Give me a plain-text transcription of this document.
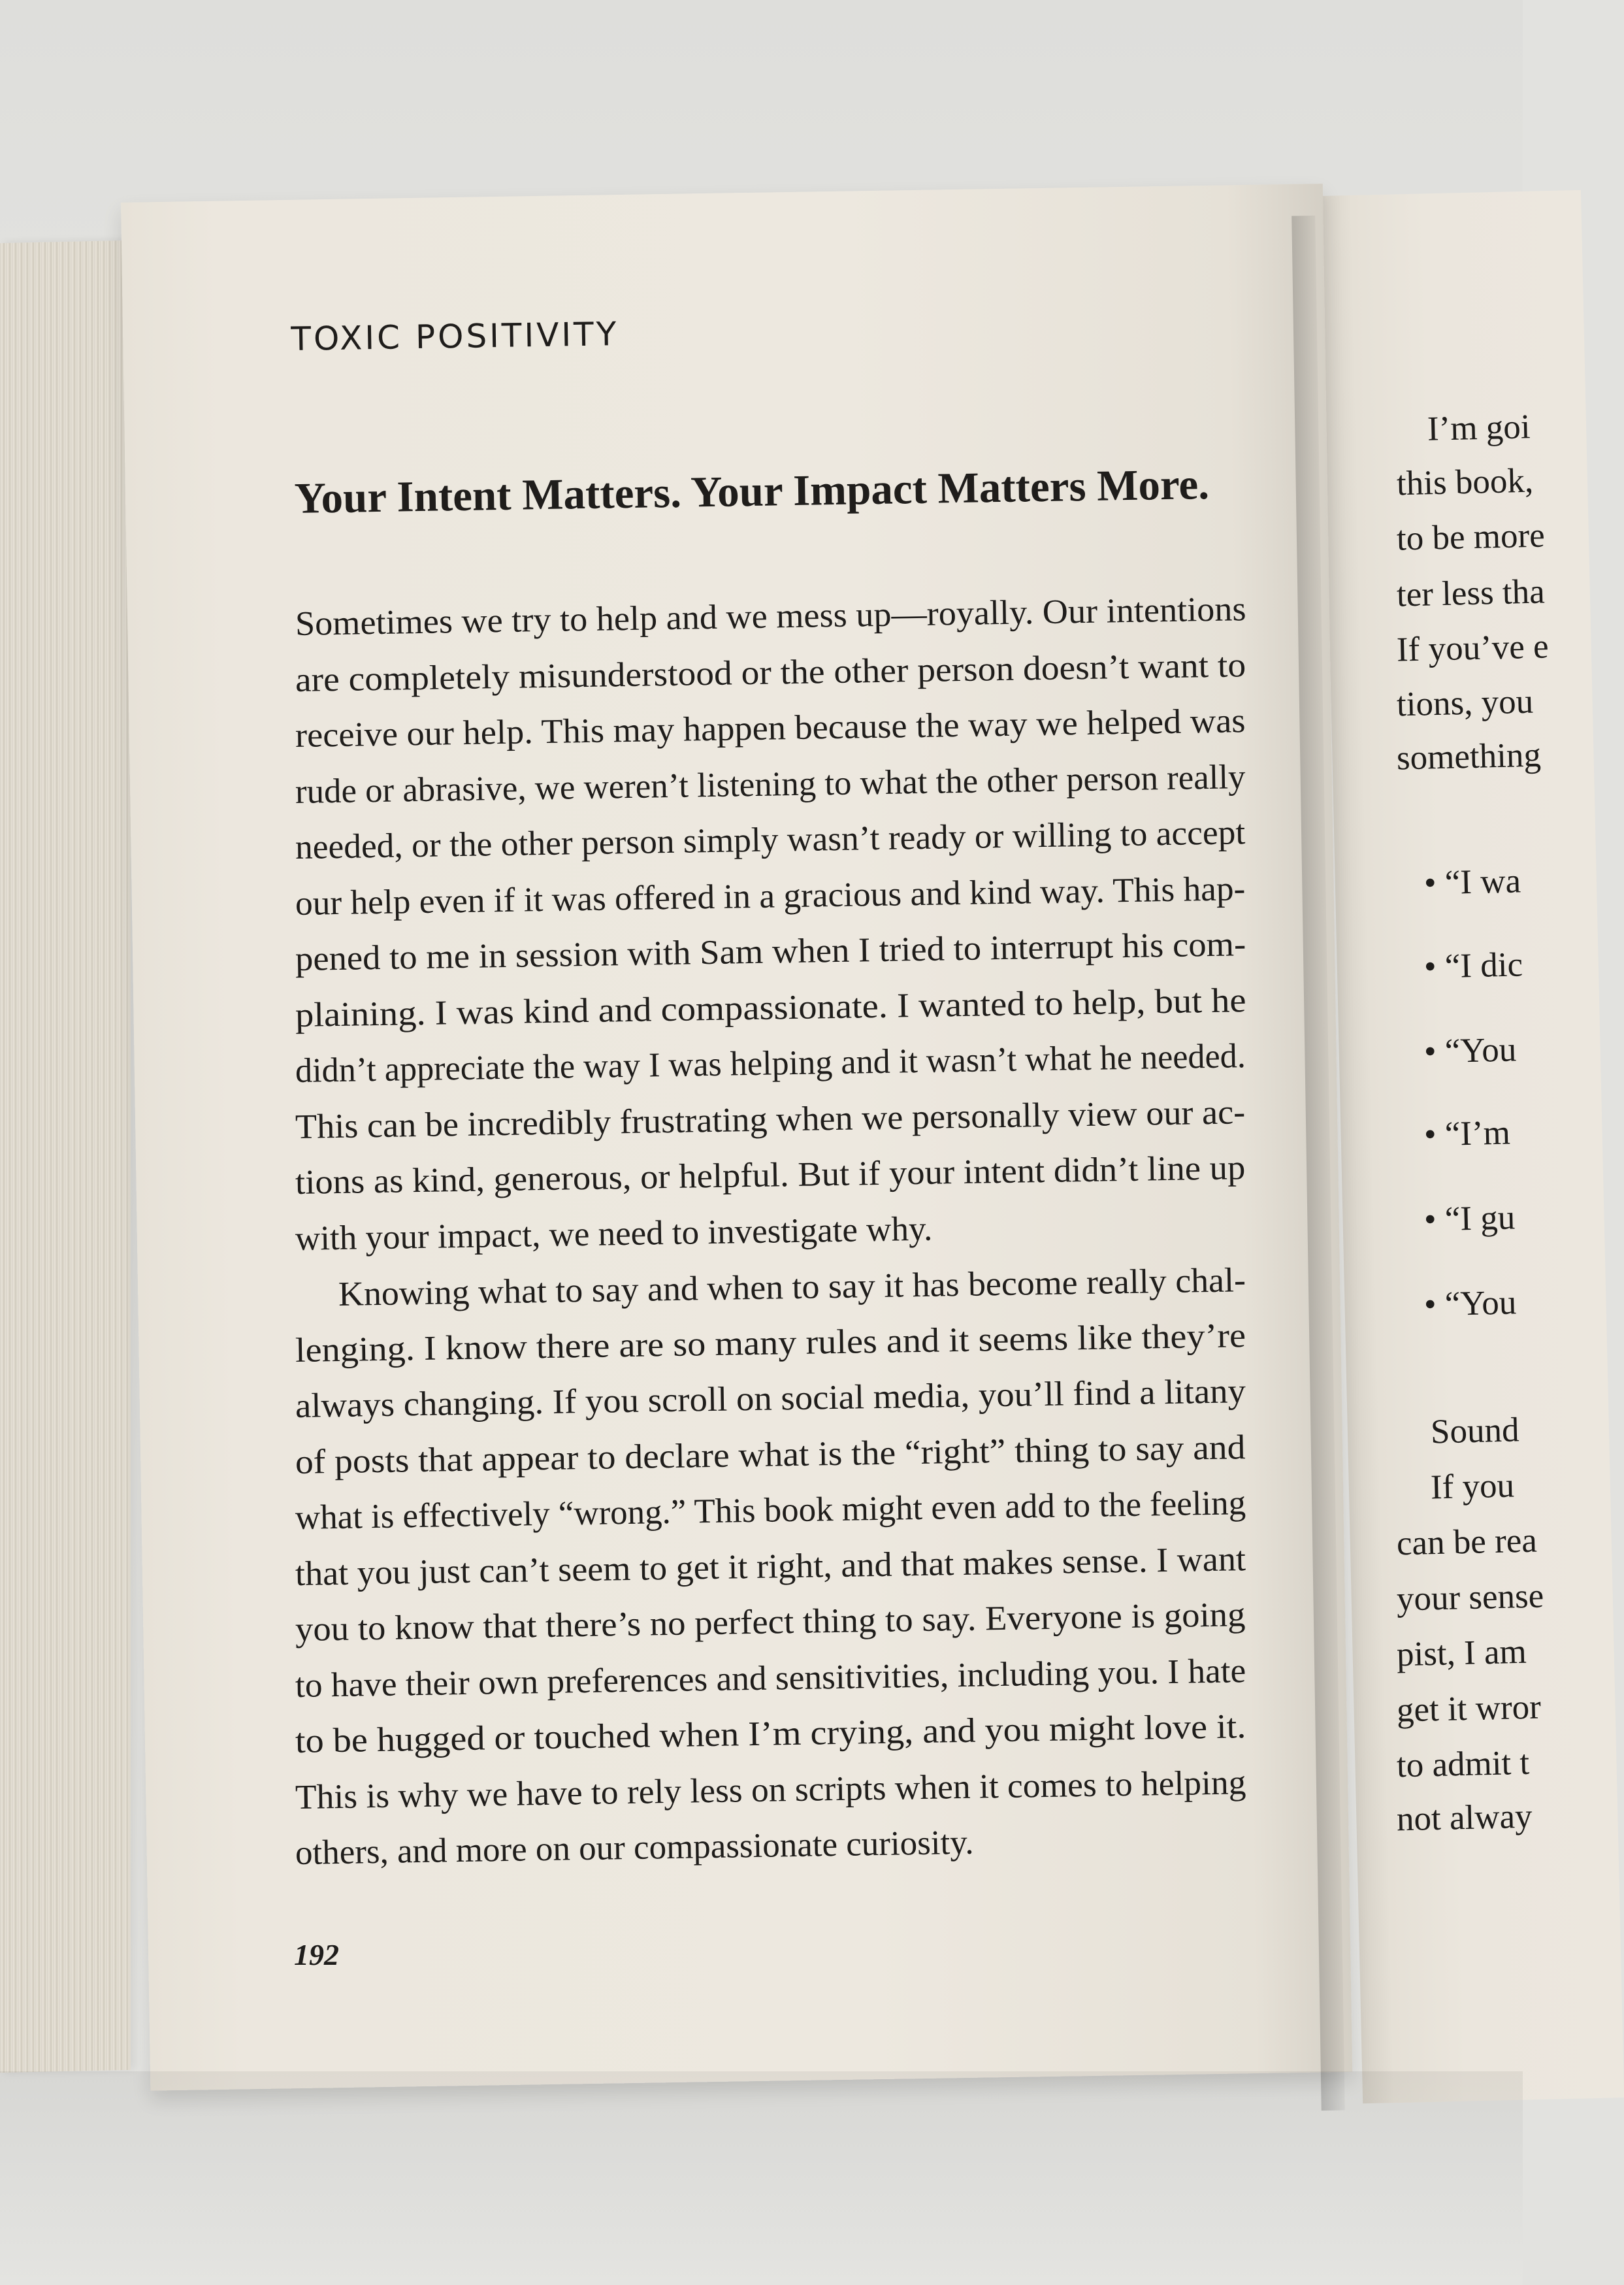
TOXIC POSITIVITY
Your Intent Matters. Your Impact Matters More.
Sometimes we try to help and we mess up—royally. Our intentions
are completely misunderstood or the other person doesn’t want to
receive our help. This may happen because the way we helped was
rude or abrasive, we weren’t listening to what the other person really
needed, or the other person simply wasn’t ready or willing to accept
our help even if it was offered in a gracious and kind way. This hap-
pened to me in session with Sam when I tried to interrupt his com-
plaining. I was kind and compassionate. I wanted to help, but he
didn’t appreciate the way I was helping and it wasn’t what he needed.
This can be incredibly frustrating when we personally view our ac-
tions as kind, generous, or helpful. But if your intent didn’t line up
with your impact, we need to investigate why.
Knowing what to say and when to say it has become really chal-
lenging. I know there are so many rules and it seems like they’re
always changing. If you scroll on social media, you’ll find a litany
of posts that appear to declare what is the “right” thing to say and
what is effectively “wrong.” This book might even add to the feeling
that you just can’t seem to get it right, and that makes sense. I want
you to know that there’s no perfect thing to say. Everyone is going
to have their own preferences and sensitivities, including you. I hate
to be hugged or touched when I’m crying, and you might love it.
This is why we have to rely less on scripts when it comes to helping
others, and more on our compassionate curiosity.
192
I’m goi
this book,
to be more
ter less tha
If you’ve e
tions, you
something
• “I wa
• “I dic
• “You
• “I’m
• “I gu
• “You
Sound
If you
can be rea
your sense
pist, I am
get it wror
to admit t
not alway
